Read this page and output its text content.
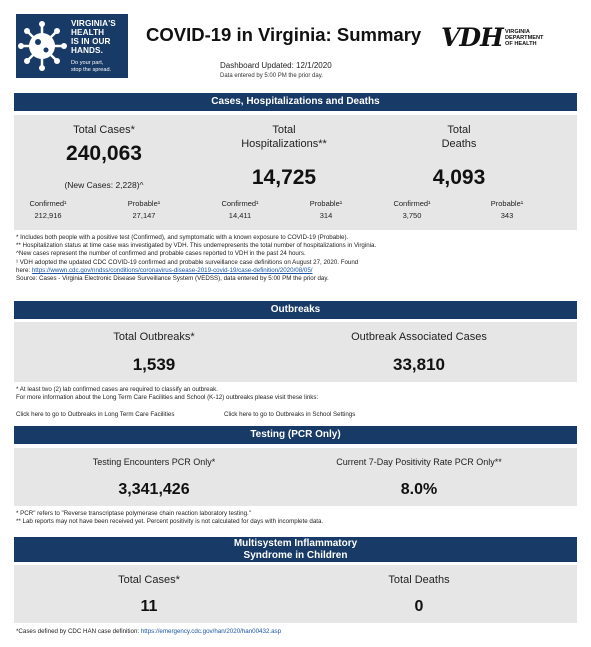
VIRGINIA'S
HEALTH
IS IN OUR
HANDS.
Do your part,
stop the spread.
COVID-19 in Virginia: Summary VDH VIRGINIA
DEPARTMENT
OF HEALTH
Dashboard Updated: 12/1/2020
Data entered by 5:00 PM the prior day.
Cases, Hospitalizations and Deaths
Total Cases*
240,063
(New Cases: 2,228)^
Total
Hospitalizations**
14,725
Total
Deaths
4,093
Confirmed¹
212,916
Probable¹
27,147
Confirmed¹
14,411
Probable¹
314
Confirmed¹
3,750
Probable¹
343
* Includes both people with a positive test (Confirmed), and symptomatic with a known exposure to COVID-19 (Probable).
** Hospitalization status at time case was investigated by VDH. This underrepresents the total number of hospitalizations in Virginia.
^New cases represent the number of confirmed and probable cases reported to VDH in the past 24 hours.
¹ VDH adopted the updated CDC COVID-19 confirmed and probable surveillance case definitions on August 27, 2020. Found
here: https://wwwn.cdc.gov/nndss/conditions/coronavirus-disease-2019-covid-19/case-definition/2020/08/05/
Source: Cases - Virginia Electronic Disease Surveillance System (VEDSS), data entered by 5:00 PM the prior day.
Outbreaks
Total Outbreaks*
1,539
Outbreak Associated Cases
33,810
* At least two (2) lab confirmed cases are required to classify an outbreak.
For more information about the Long Term Care Facilities and School (K-12) outbreaks please visit these links:
Click here to go to Outbreaks in Long Term Care Facilities	Click here to go to Outbreaks in School Settings
Testing (PCR Only)
Testing Encounters PCR Only*
3,341,426
Current 7-Day Positivity Rate PCR Only**
8.0%
* PCR" refers to "Reverse transcriptase polymerase chain reaction laboratory testing."
** Lab reports may not have been received yet. Percent positivity is not calculated for days with incomplete data.
Multisystem Inflammatory
Syndrome in Children
Total Cases*
11
Total Deaths
0
*Cases defined by CDC HAN case definition: https://emergency.cdc.gov/han/2020/han00432.asp
